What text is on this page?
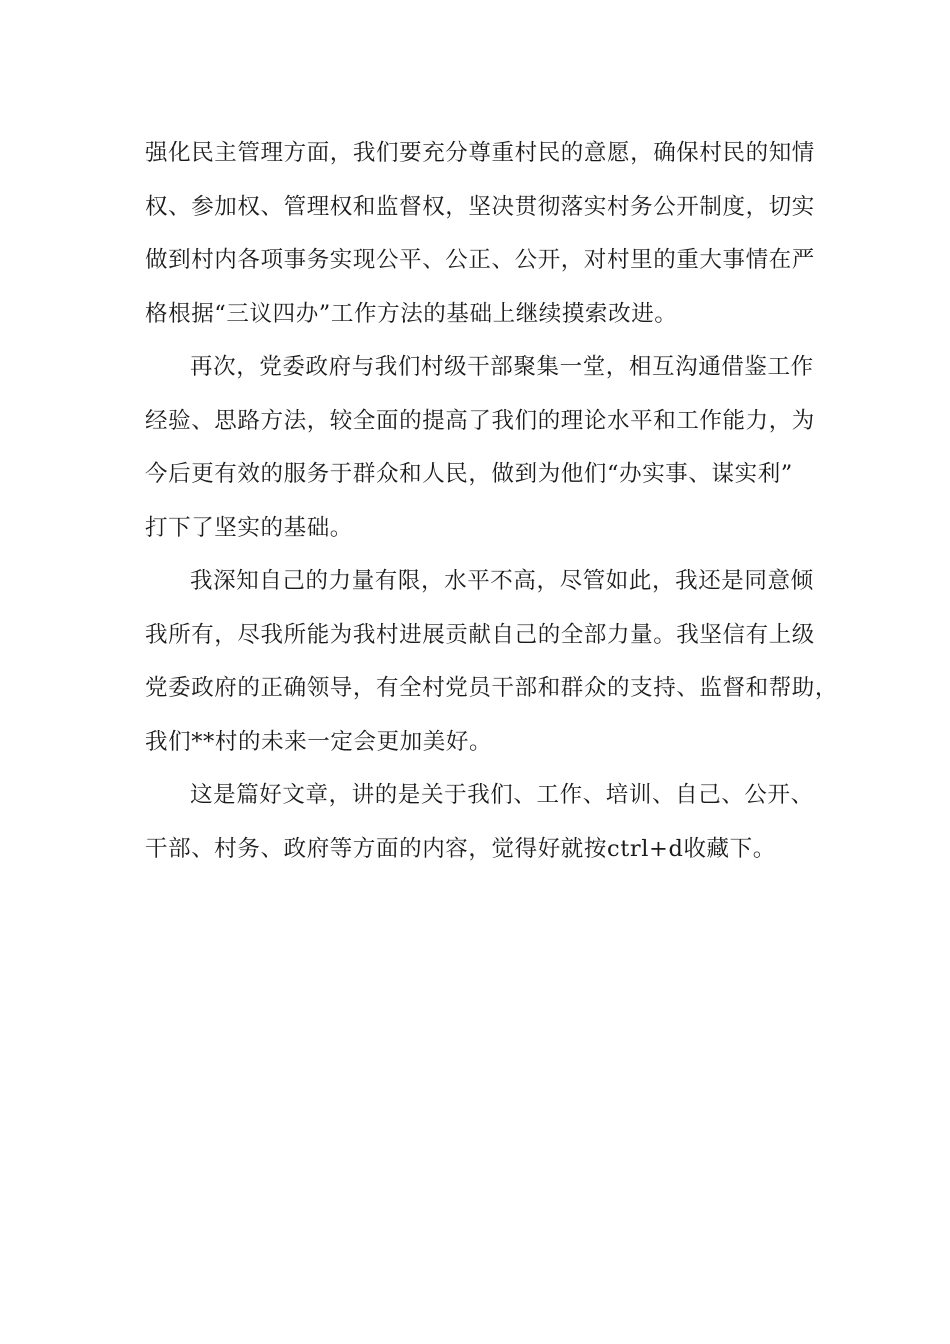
强化民主管理方面，我们要充分尊重村民的意愿，确保村民的知情
权、参加权、管理权和监督权，坚决贯彻落实村务公开制度，切实
做到村内各项事务实现公平、公正、公开，对村里的重大事情在严
格根据“三议四办”工作方法的基础上继续摸索改进。
再次，党委政府与我们村级干部聚集一堂，相互沟通借鉴工作
经验、思路方法，较全面的提高了我们的理论水平和工作能力，为
今后更有效的服务于群众和人民，做到为他们“办实事、谋实利”
打下了坚实的基础。
我深知自己的力量有限，水平不高，尽管如此，我还是同意倾
我所有，尽我所能为我村进展贡献自己的全部力量。我坚信有上级
党委政府的正确领导，有全村党员干部和群众的支持、监督和帮助，
我们**村的未来一定会更加美好。
这是篇好文章，讲的是关于我们、工作、培训、自己、公开、
干部、村务、政府等方面的内容，觉得好就按ctrl+d收藏下。
